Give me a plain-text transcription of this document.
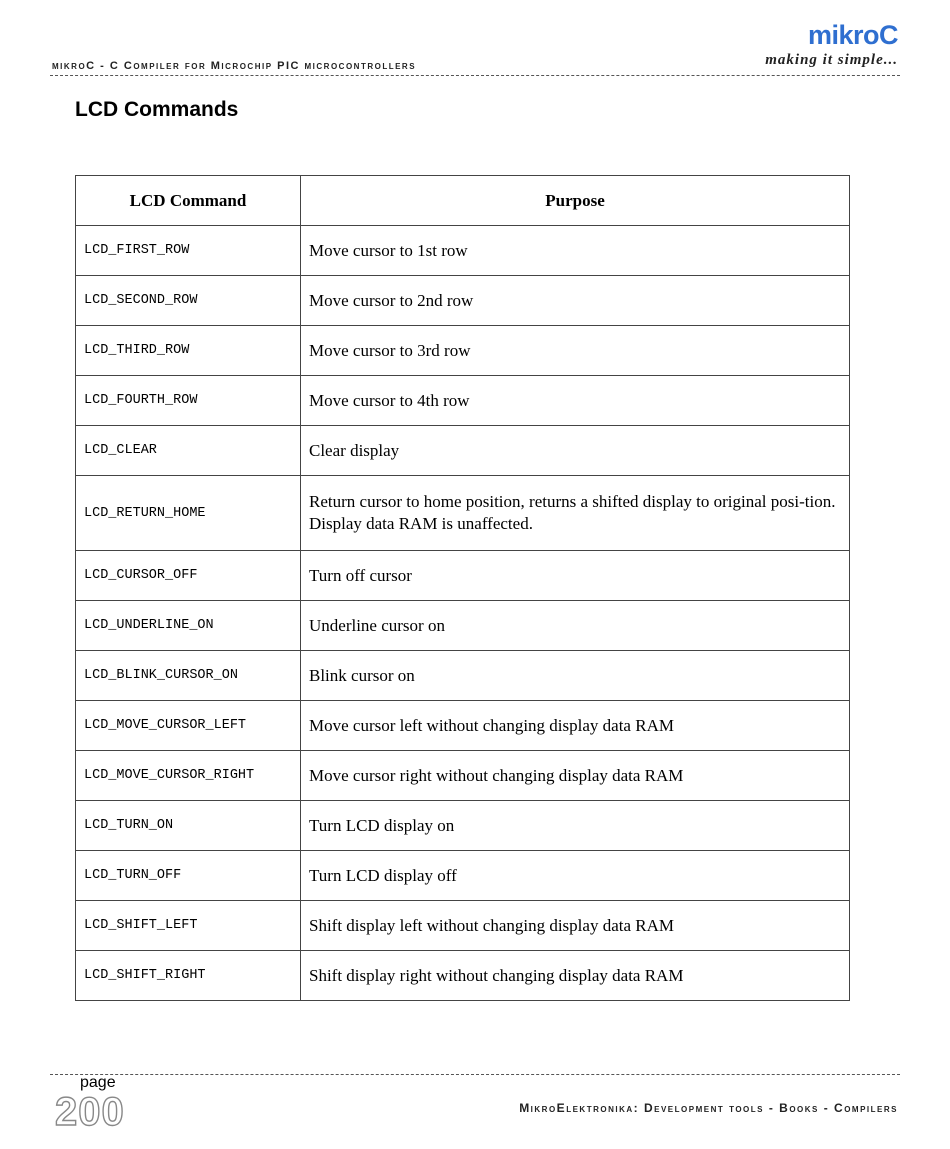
mikroC - C Compiler for Microchip PIC microcontrollers
mikroC
making it simple...
LCD Commands
LCD Command	Purpose
LCD_FIRST_ROW	Move cursor to 1st row
LCD_SECOND_ROW	Move cursor to 2nd row
LCD_THIRD_ROW	Move cursor to 3rd row
LCD_FOURTH_ROW	Move cursor to 4th row
LCD_CLEAR	Clear display
LCD_RETURN_HOME	Return cursor to home position, returns a shifted display to original posi-tion. Display data RAM is unaffected.
LCD_CURSOR_OFF	Turn off cursor
LCD_UNDERLINE_ON	Underline cursor on
LCD_BLINK_CURSOR_ON	Blink cursor on
LCD_MOVE_CURSOR_LEFT	Move cursor left without changing display data RAM
LCD_MOVE_CURSOR_RIGHT	Move cursor right without changing display data RAM
LCD_TURN_ON	Turn LCD display on
LCD_TURN_OFF	Turn LCD display off
LCD_SHIFT_LEFT	Shift display left without changing display data RAM
LCD_SHIFT_RIGHT	Shift display right without changing display data RAM
page
200	MikroElektronika: Development tools - Books - Compilers
